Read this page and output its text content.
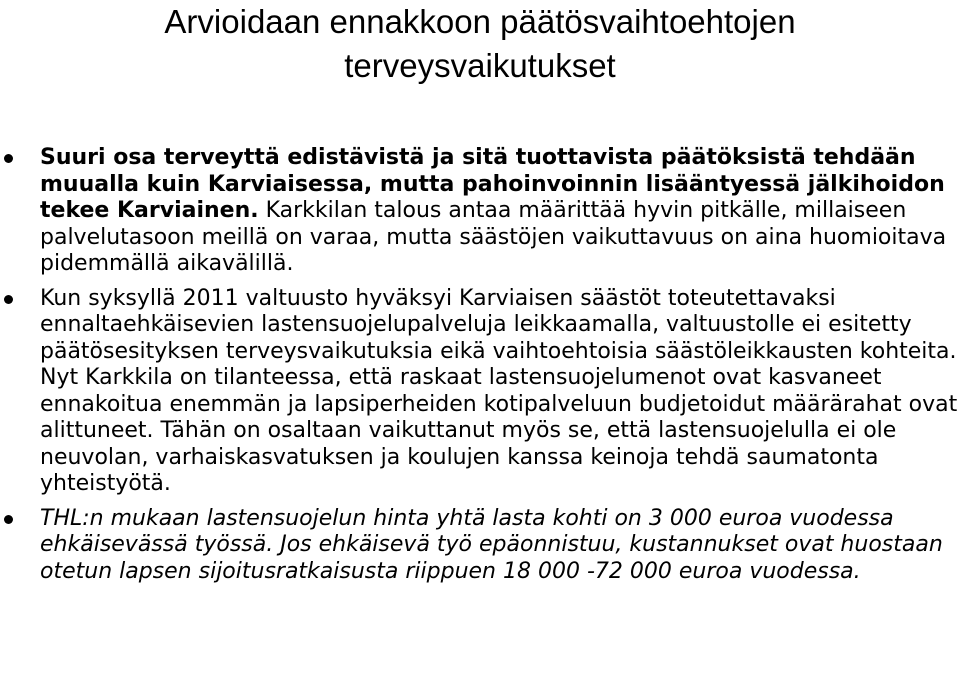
Arvioidaan ennakkoon päätösvaihtoehtojen
terveysvaikutukset
Suuri osa terveyttä edistävistä ja sitä tuottavista päätöksistä tehdään muualla kuin Karviaisessa, mutta pahoinvoinnin lisääntyessä jälkihoidon tekee Karviainen. Karkkilan talous antaa määrittää hyvin pitkälle, millaiseen palvelutasoon meillä on varaa, mutta säästöjen vaikuttavuus on aina huomioitava pidemmällä aikavälillä.
Kun syksyllä 2011 valtuusto hyväksyi Karviaisen säästöt toteutettavaksi ennaltaehkäisevien lastensuojelupalveluja leikkaamalla, valtuustolle ei esitetty päätösesityksen terveysvaikutuksia eikä vaihtoehtoisia säästöleikkausten kohteita. Nyt Karkkila on tilanteessa, että raskaat lastensuojelumenot ovat kasvaneet ennakoitua enemmän ja lapsiperheiden kotipalveluun budjetoidut määrärahat ovat alittuneet. Tähän on osaltaan vaikuttanut myös se, että lastensuojelulla ei ole neuvolan, varhaiskasvatuksen ja koulujen kanssa keinoja tehdä saumatonta yhteistyötä.
THL:n mukaan lastensuojelun hinta yhtä lasta kohti on 3 000 euroa vuodessa ehkäisevässä työssä. Jos ehkäisevä työ epäonnistuu, kustannukset ovat huostaan otetun lapsen sijoitusratkaisusta riippuen 18 000 -72 000 euroa vuodessa.
